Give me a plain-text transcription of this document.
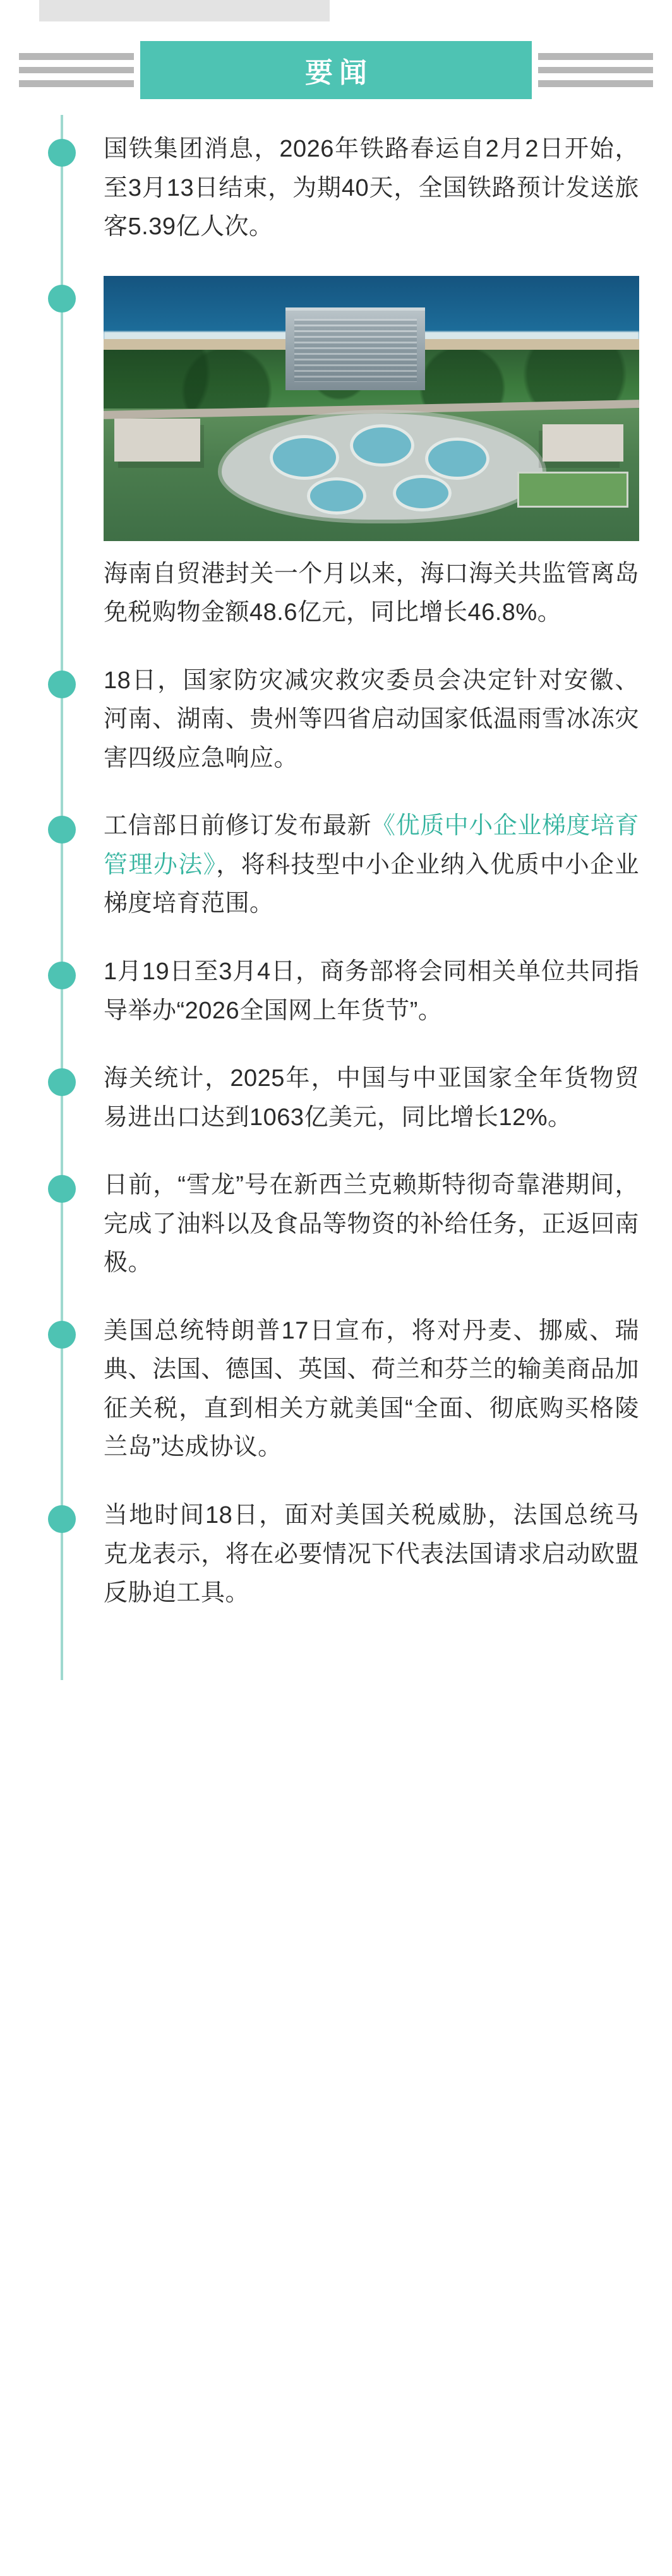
要闻
国铁集团消息，2026年铁路春运自2月2日开始，至3月13日结束，为期40天，全国铁路预计发送旅客5.39亿人次。
海南自贸港封关一个月以来，海口海关共监管离岛免税购物金额48.6亿元，同比增长46.8%。
18日，国家防灾减灾救灾委员会决定针对安徽、河南、湖南、贵州等四省启动国家低温雨雪冰冻灾害四级应急响应。
工信部日前修订发布最新《优质中小企业梯度培育管理办法》，将科技型中小企业纳入优质中小企业梯度培育范围。
1月19日至3月4日，商务部将会同相关单位共同指导举办“2026全国网上年货节”。
海关统计，2025年，中国与中亚国家全年货物贸易进出口达到1063亿美元，同比增长12%。
日前，“雪龙”号在新西兰克赖斯特彻奇靠港期间，完成了油料以及食品等物资的补给任务，正返回南极。
美国总统特朗普17日宣布，将对丹麦、挪威、瑞典、法国、德国、英国、荷兰和芬兰的输美商品加征关税，直到相关方就美国“全面、彻底购买格陵兰岛”达成协议。
当地时间18日，面对美国关税威胁，法国总统马克龙表示，将在必要情况下代表法国请求启动欧盟反胁迫工具。
